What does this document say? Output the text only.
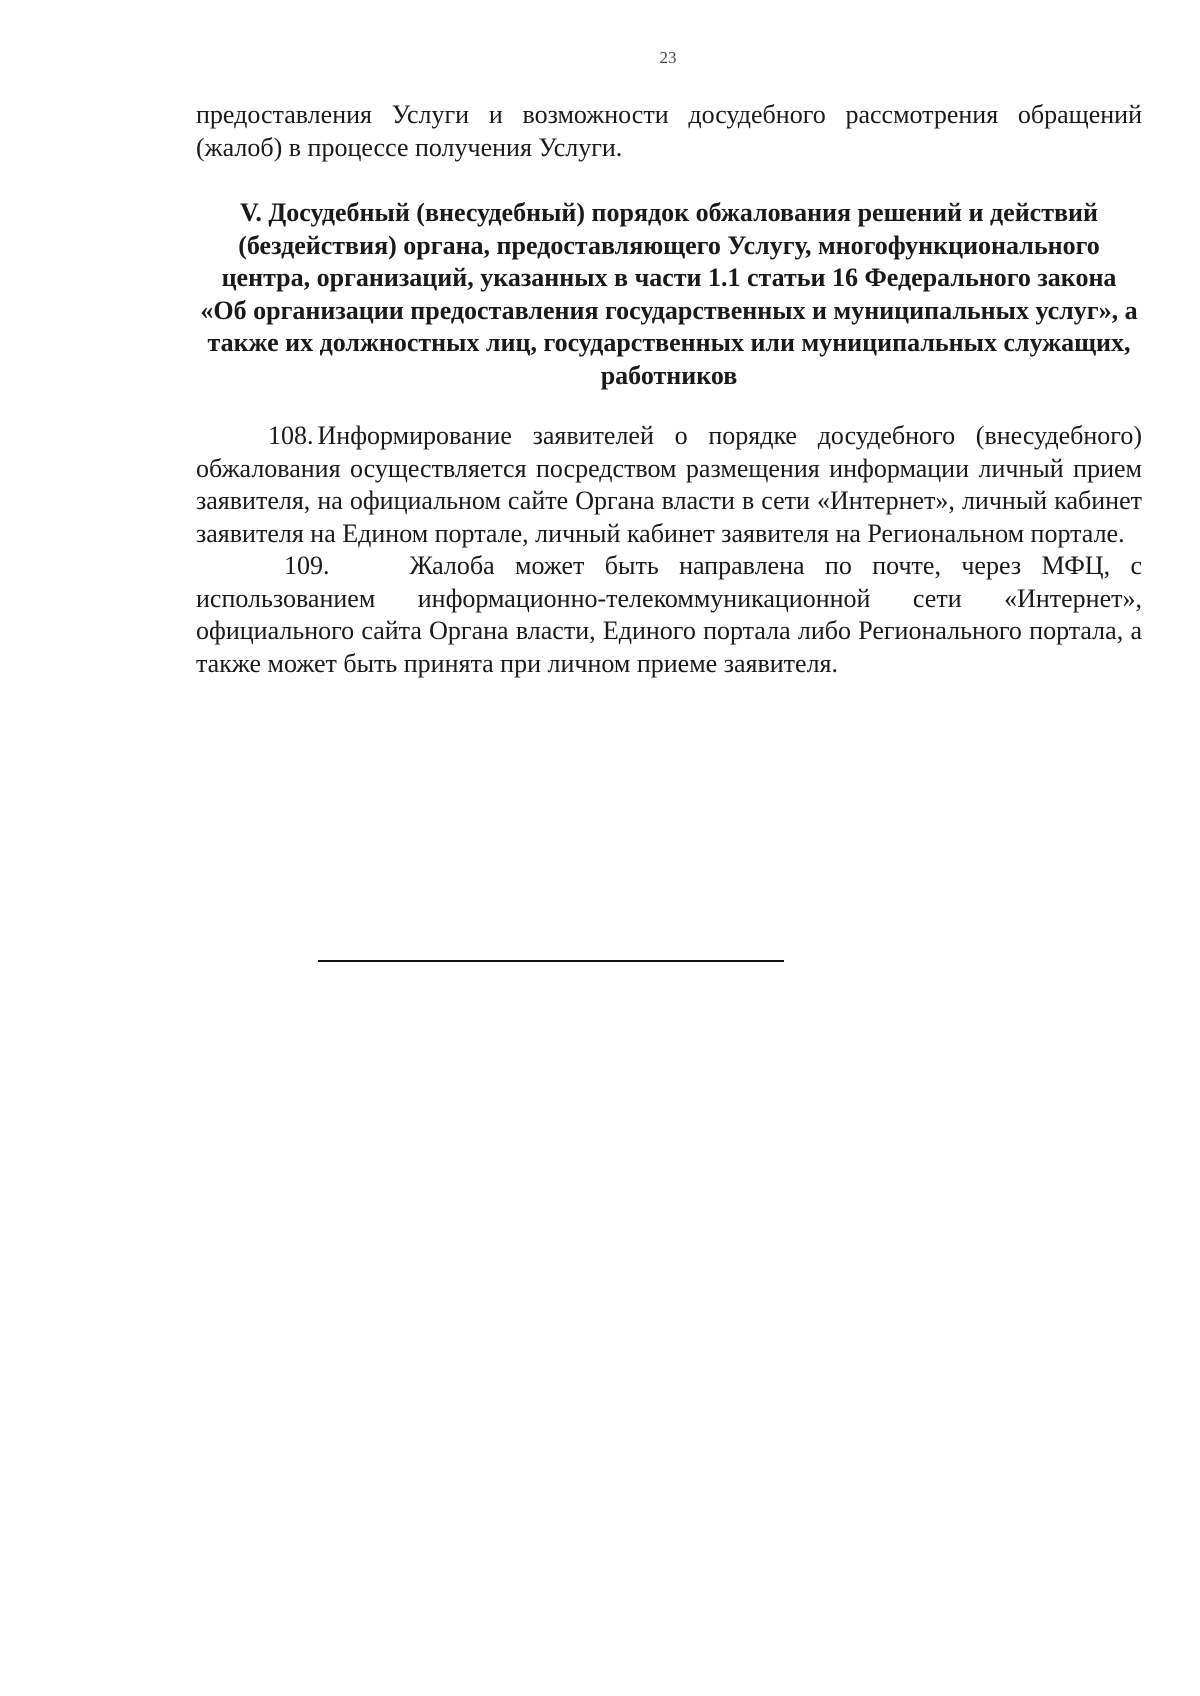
23

предоставления Услуги и возможности досудебного рассмотрения обращений (жалоб) в процессе получения Услуги.

V. Досудебный (внесудебный) порядок обжалования решений и действий (бездействия) органа, предоставляющего Услугу, многофункционального центра, организаций, указанных в части 1.1 статьи 16 Федерального закона «Об организации предоставления государственных и муниципальных услуг», а также их должностных лиц, государственных или муниципальных служащих, работников

108. Информирование заявителей о порядке досудебного (внесудебного) обжалования осуществляется посредством размещения информации личный прием заявителя, на официальном сайте Органа власти в сети «Интернет», личный кабинет заявителя на Едином портале, личный кабинет заявителя на Региональном портале.

109.	Жалоба может быть направлена по почте, через МФЦ, с использованием информационно-телекоммуникационной сети «Интернет», официального сайта Органа власти, Единого портала либо Регионального портала, а также может быть принята при личном приеме заявителя.
